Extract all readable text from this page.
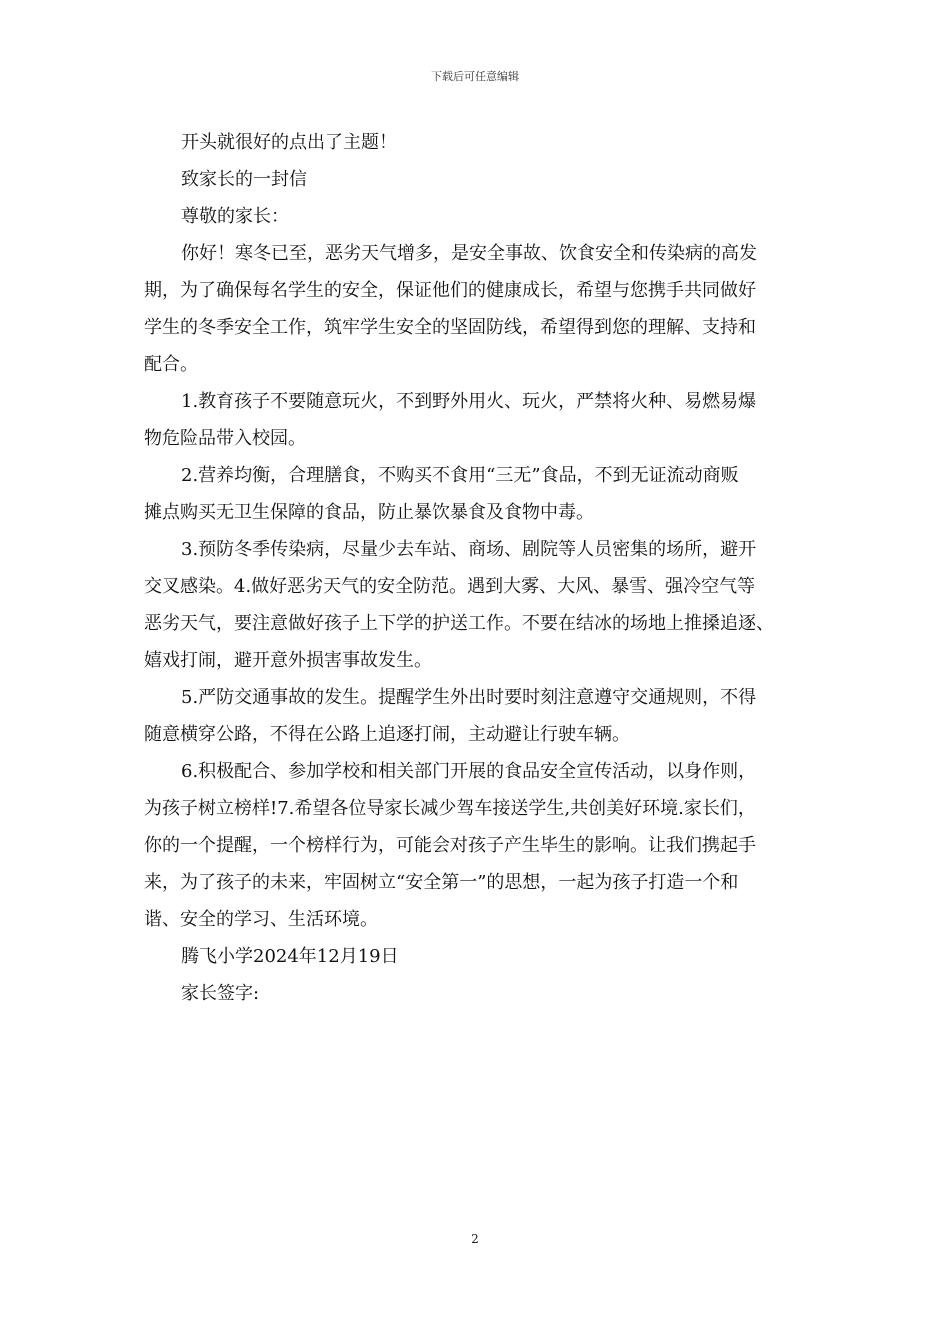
下载后可任意编辑

开头就很好的点出了主题！

致家长的一封信

尊敬的家长：

你好！寒冬已至，恶劣天气增多，是安全事故、饮食安全和传染病的高发

期，为了确保每名学生的安全，保证他们的健康成长，希望与您携手共同做好

学生的冬季安全工作，筑牢学生安全的坚固防线，希望得到您的理解、支持和

配合。

1.教育孩子不要随意玩火，不到野外用火、玩火，严禁将火种、易燃易爆

物危险品带入校园。

2.营养均衡，合理膳食，不购买不食用“三无”食品，不到无证流动商贩

摊点购买无卫生保障的食品，防止暴饮暴食及食物中毒。

3.预防冬季传染病，尽量少去车站、商场、剧院等人员密集的场所，避开

交叉感染。4.做好恶劣天气的安全防范。遇到大雾、大风、暴雪、强冷空气等

恶劣天气，要注意做好孩子上下学的护送工作。不要在结冰的场地上推搡追逐、

嬉戏打闹，避开意外损害事故发生。

5.严防交通事故的发生。提醒学生外出时要时刻注意遵守交通规则，不得

随意横穿公路，不得在公路上追逐打闹，主动避让行驶车辆。

6.积极配合、参加学校和相关部门开展的食品安全宣传活动，以身作则，

为孩子树立榜样!7.希望各位导家长减少驾车接送学生,共创美好环境.家长们，

你的一个提醒，一个榜样行为，可能会对孩子产生毕生的影响。让我们携起手

来，为了孩子的未来，牢固树立“安全第一”的思想，一起为孩子打造一个和

谐、安全的学习、生活环境。

腾飞小学2024年12月19日

家长签字:

2
